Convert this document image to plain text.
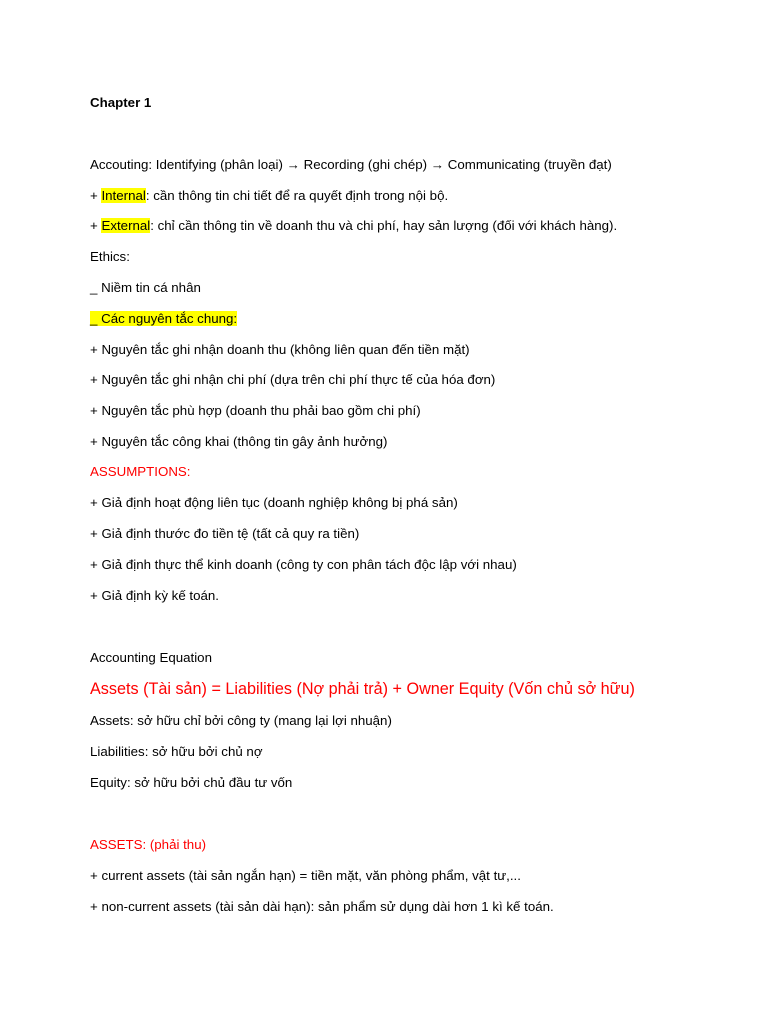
Chapter 1
Accouting: Identifying (phân loại) → Recording (ghi chép) → Communicating (truyền đạt)
+ Internal: cần thông tin chi tiết để ra quyết định trong nội bộ.
+ External: chỉ cần thông tin về doanh thu và chi phí, hay sản lượng (đối với khách hàng).
Ethics:
_ Niềm tin cá nhân
_ Các nguyên tắc chung:
+ Nguyên tắc ghi nhận doanh thu (không liên quan đến tiền mặt)
+ Nguyên tắc ghi nhận chi phí (dựa trên chi phí thực tế của hóa đơn)
+ Nguyên tắc phù hợp (doanh thu phải bao gồm chi phí)
+ Nguyên tắc công khai (thông tin gây ảnh hưởng)
ASSUMPTIONS:
+ Giả định hoạt động liên tục (doanh nghiệp không bị phá sản)
+ Giả định thước đo tiền tệ (tất cả quy ra tiền)
+ Giả định thực thể kinh doanh (công ty con phân tách độc lập với nhau)
+ Giả định kỳ kế toán.
Accounting Equation
Assets (Tài sản) = Liabilities (Nợ phải trả) + Owner Equity (Vốn chủ sở hữu)
Assets: sở hữu chỉ bởi công ty (mang lại lợi nhuận)
Liabilities: sở hữu bởi chủ nợ
Equity: sở hữu bởi chủ đầu tư vốn
ASSETS: (phải thu)
+ current assets (tài sản ngắn hạn) = tiền mặt, văn phòng phẩm, vật tư,...
+ non-current assets (tài sản dài hạn): sản phẩm sử dụng dài hơn 1 kì kế toán.
